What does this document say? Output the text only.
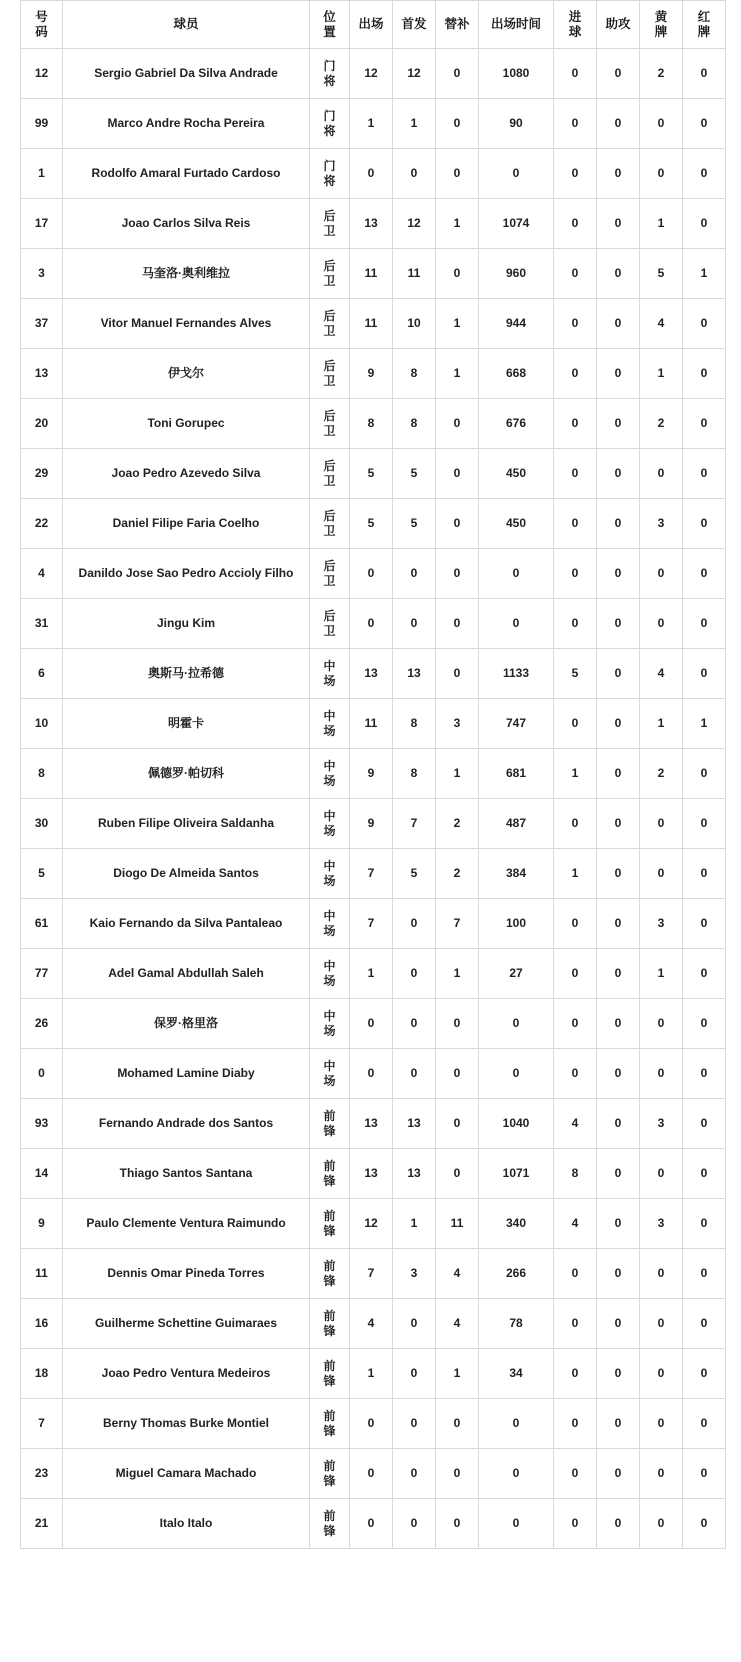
号码	球员	位置	出场	首发	替补	出场时间	进球	助攻	黄牌	红牌

12	Sergio Gabriel Da Silva Andrade	门将	12	12	0	1080	0	0	2	0
99	Marco Andre Rocha Pereira	门将	1	1	0	90	0	0	0	0
1	Rodolfo Amaral Furtado Cardoso	门将	0	0	0	0	0	0	0	0
17	Joao Carlos Silva Reis	后卫	13	12	1	1074	0	0	1	0
3	马奎洛·奥利维拉	后卫	11	11	0	960	0	0	5	1
37	Vitor Manuel Fernandes Alves	后卫	11	10	1	944	0	0	4	0
13	伊戈尔	后卫	9	8	1	668	0	0	1	0
20	Toni Gorupec	后卫	8	8	0	676	0	0	2	0
29	Joao Pedro Azevedo Silva	后卫	5	5	0	450	0	0	0	0
22	Daniel Filipe Faria Coelho	后卫	5	5	0	450	0	0	3	0
4	Danildo Jose Sao Pedro Accioly Filho	后卫	0	0	0	0	0	0	0	0
31	Jingu Kim	后卫	0	0	0	0	0	0	0	0
6	奥斯马·拉希德	中场	13	13	0	1133	5	0	4	0
10	明霍卡	中场	11	8	3	747	0	0	1	1
8	佩德罗·帕切科	中场	9	8	1	681	1	0	2	0
30	Ruben Filipe Oliveira Saldanha	中场	9	7	2	487	0	0	0	0
5	Diogo De Almeida Santos	中场	7	5	2	384	1	0	0	0
61	Kaio Fernando da Silva Pantaleao	中场	7	0	7	100	0	0	3	0
77	Adel Gamal Abdullah Saleh	中场	1	0	1	27	0	0	1	0
26	保罗·格里洛	中场	0	0	0	0	0	0	0	0
0	Mohamed Lamine Diaby	中场	0	0	0	0	0	0	0	0
93	Fernando Andrade dos Santos	前锋	13	13	0	1040	4	0	3	0
14	Thiago Santos Santana	前锋	13	13	0	1071	8	0	0	0
9	Paulo Clemente Ventura Raimundo	前锋	12	1	11	340	4	0	3	0
11	Dennis Omar Pineda Torres	前锋	7	3	4	266	0	0	0	0
16	Guilherme Schettine Guimaraes	前锋	4	0	4	78	0	0	0	0
18	Joao Pedro Ventura Medeiros	前锋	1	0	1	34	0	0	0	0
7	Berny Thomas Burke Montiel	前锋	0	0	0	0	0	0	0	0
23	Miguel Camara Machado	前锋	0	0	0	0	0	0	0	0
21	Italo Italo	前锋	0	0	0	0	0	0	0	0
